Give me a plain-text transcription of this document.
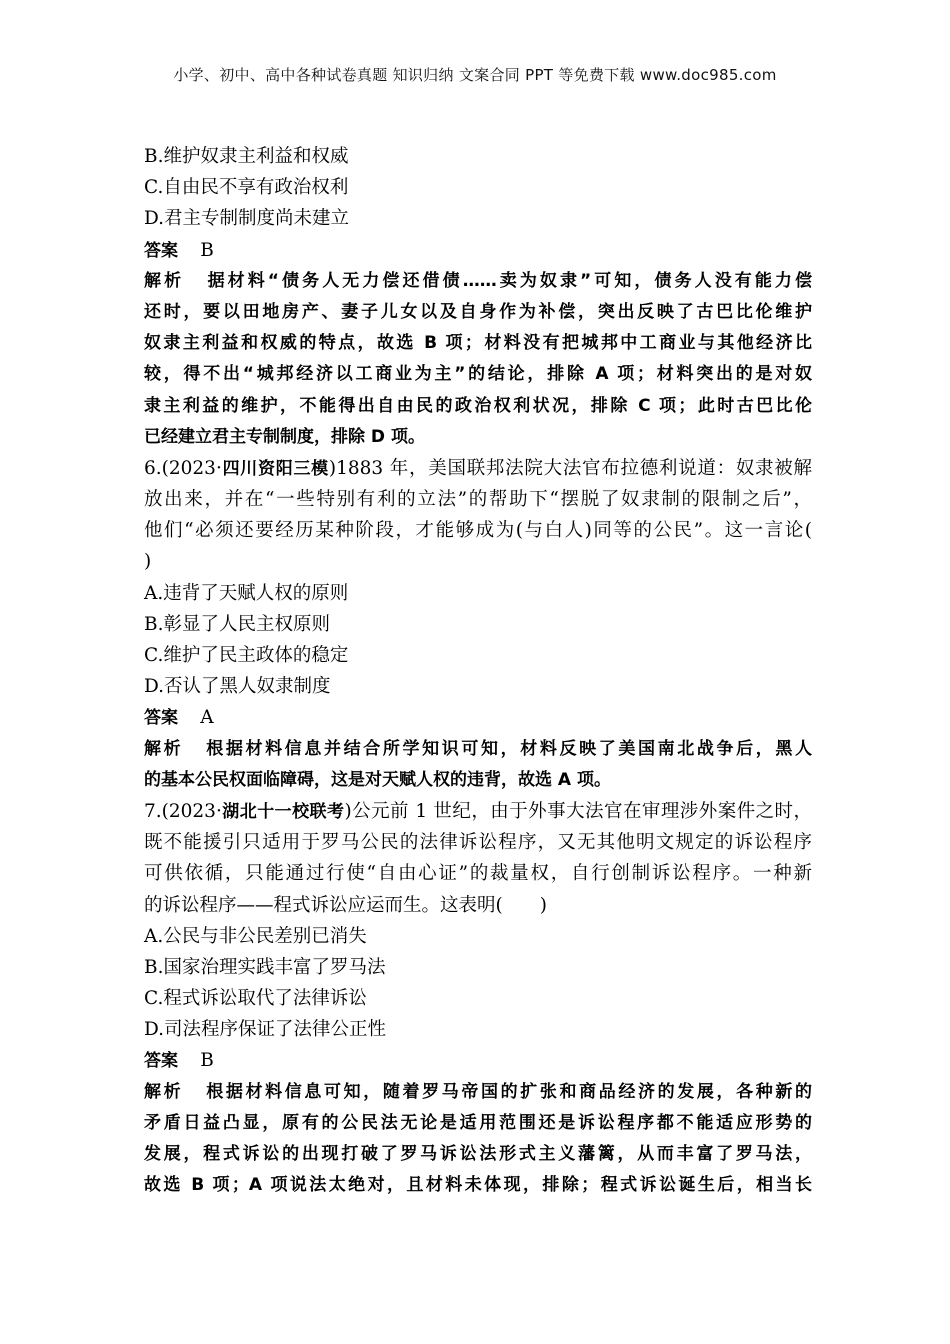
小学、初中、高中各种试卷真题 知识归纳 文案合同 PPT 等免费下载 www.doc985.com
B.维护奴隶主利益和权威
C.自由民不享有政治权利
D.君主专制制度尚未建立
答案 B
解析 据材料“债务人无力偿还借债……卖为奴隶”可知，债务人没有能力偿
还时，要以田地房产、妻子儿女以及自身作为补偿，突出反映了古巴比伦维护
奴隶主利益和权威的特点，故选 B 项；材料没有把城邦中工商业与其他经济比
较，得不出“城邦经济以工商业为主”的结论，排除 A 项；材料突出的是对奴
隶主利益的维护，不能得出自由民的政治权利状况，排除 C 项；此时古巴比伦
已经建立君主专制制度，排除 D 项。
6.(2023·四川资阳三模)1883 年，美国联邦法院大法官布拉德利说道：奴隶被解
放出来，并在“一些特别有利的立法”的帮助下“摆脱了奴隶制的限制之后”，
他们“必须还要经历某种阶段，才能够成为(与白人)同等的公民”。这一言论(
)
A.违背了天赋人权的原则
B.彰显了人民主权原则
C.维护了民主政体的稳定
D.否认了黑人奴隶制度
答案 A
解析 根据材料信息并结合所学知识可知，材料反映了美国南北战争后，黑人
的基本公民权面临障碍，这是对天赋人权的违背，故选 A 项。
7.(2023·湖北十一校联考)公元前 1 世纪，由于外事大法官在审理涉外案件之时，
既不能援引只适用于罗马公民的法律诉讼程序，又无其他明文规定的诉讼程序
可供依循，只能通过行使“自由心证”的裁量权，自行创制诉讼程序。一种新
的诉讼程序——程式诉讼应运而生。这表明(　　)
A.公民与非公民差别已消失
B.国家治理实践丰富了罗马法
C.程式诉讼取代了法律诉讼
D.司法程序保证了法律公正性
答案 B
解析 根据材料信息可知，随着罗马帝国的扩张和商品经济的发展，各种新的
矛盾日益凸显，原有的公民法无论是适用范围还是诉讼程序都不能适应形势的
发展，程式诉讼的出现打破了罗马诉讼法形式主义藩篱，从而丰富了罗马法，
故选 B 项；A 项说法太绝对，且材料未体现，排除；程式诉讼诞生后，相当长
